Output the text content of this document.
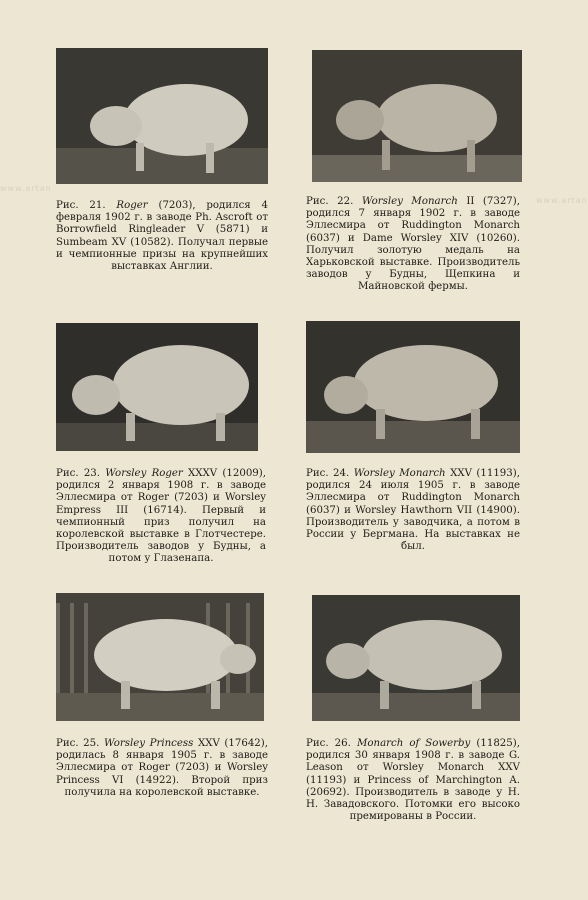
Рис. 21. Roger (7203), родился 4 февраля 1902 г. в заводе Ph. Ascroft от Borrowfield Ringleader V (5871) и Sumbeam XV (10582). Получал первые и чемпионные призы на крупнейших выставках Англии.
Рис. 22. Worsley Monarch II (7327), родился 7 января 1902 г. в заводе Эллесмира от Ruddington Monarch (6037) и Dame Worsley XIV (10260). Получил золотую медаль на Харьковской выставке. Производитель заводов у Будны, Щепкина и Майновской фермы.
Рис. 23. Worsley Roger XXXV (12009), родился 2 января 1908 г. в заводе Эллесмира от Roger (7203) и Worsley Empress III (16714). Первый и чемпионный приз получил на королевской выставке в Глотчестере. Производитель заводов у Будны, а потом у Глазенапа.
Рис. 24. Worsley Monarch XXV (11193), родился 24 июля 1905 г. в заводе Эллесмира от Ruddington Monarch (6037) и Worsley Hawthorn VII (14900). Производитель у заводчика, а потом в России у Бергмана. На выставках не был.
Рис. 25. Worsley Princess XXV (17642), родилась 8 января 1905 г. в заводе Эллесмира от Roger (7203) и Worsley Princess VI (14922). Второй приз получила на королевской выставке.
Рис. 26. Monarch of Sowerby (11825), родился 30 января 1908 г. в заводе G. Leason от Worsley Monarch XXV (11193) и Princess of Marchington A. (20692). Производитель в заводе у Н. Н. Завадовского. Потомки его высоко премированы в России.
www.artan
www.artan
